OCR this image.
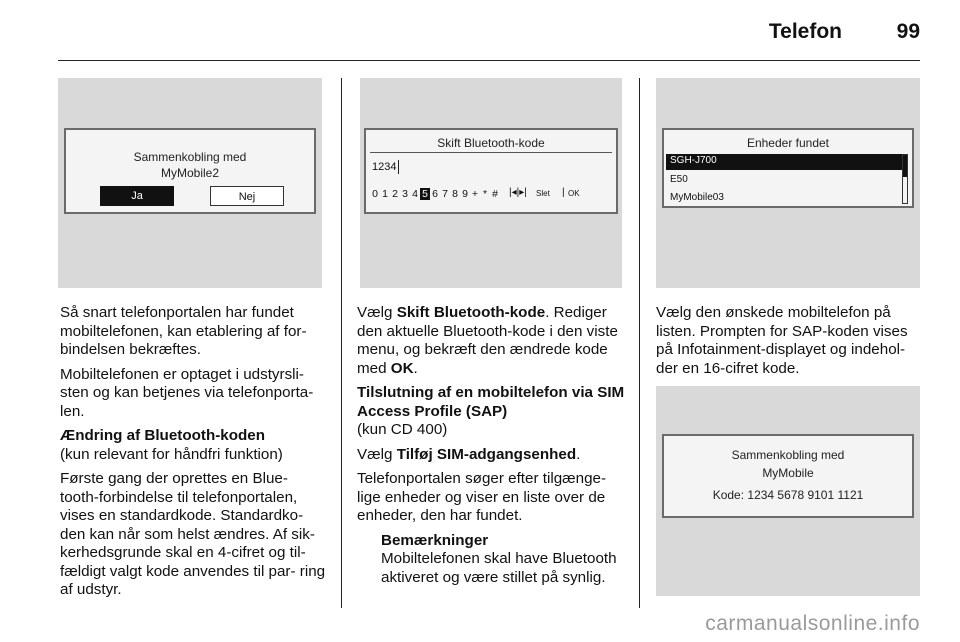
Telefon	99
Sammenkobling med
MyMobile2
Ja	Nej
Skift Bluetooth-kode
1234
0 1 2 3 4 5 6 7 8 9 + * # |◂|▸| Slet | OK
Enheder fundet
SGH-J700
E50
MyMobile03
Sammenkobling med
MyMobile
Kode: 1234 5678 9101 1121

Så snart telefonportalen har fundet mobiltelefonen, kan etablering af for- bindelsen bekræftes.

Mobiltelefonen er optaget i udstyrsli- sten og kan betjenes via telefonporta- len.

Ændring af Bluetooth-koden

(kun relevant for håndfri funktion)

Første gang der oprettes en Blue- tooth-forbindelse til telefonportalen, vises en standardkode. Standardko- den kan når som helst ændres. Af sik- kerhedsgrunde skal en 4-cifret og til- fældigt valgt kode anvendes til par- ring af udstyr.

Vælg Skift Bluetooth-kode. Rediger den aktuelle Bluetooth-kode i den viste menu, og bekræft den ændrede kode med OK.

Tilslutning af en mobiltelefon via SIM Access Profile (SAP)

(kun CD 400)

Vælg Tilføj SIM-adgangsenhed.

Telefonportalen søger efter tilgænge- lige enheder og viser en liste over de enheder, den har fundet.

Bemærkninger

Mobiltelefonen skal have Bluetooth aktiveret og være stillet på synlig.

Vælg den ønskede mobiltelefon på listen. Prompten for SAP-koden vises på Infotainment-displayet og indehol- der en 16-cifret kode.

carmanualsonline.info
